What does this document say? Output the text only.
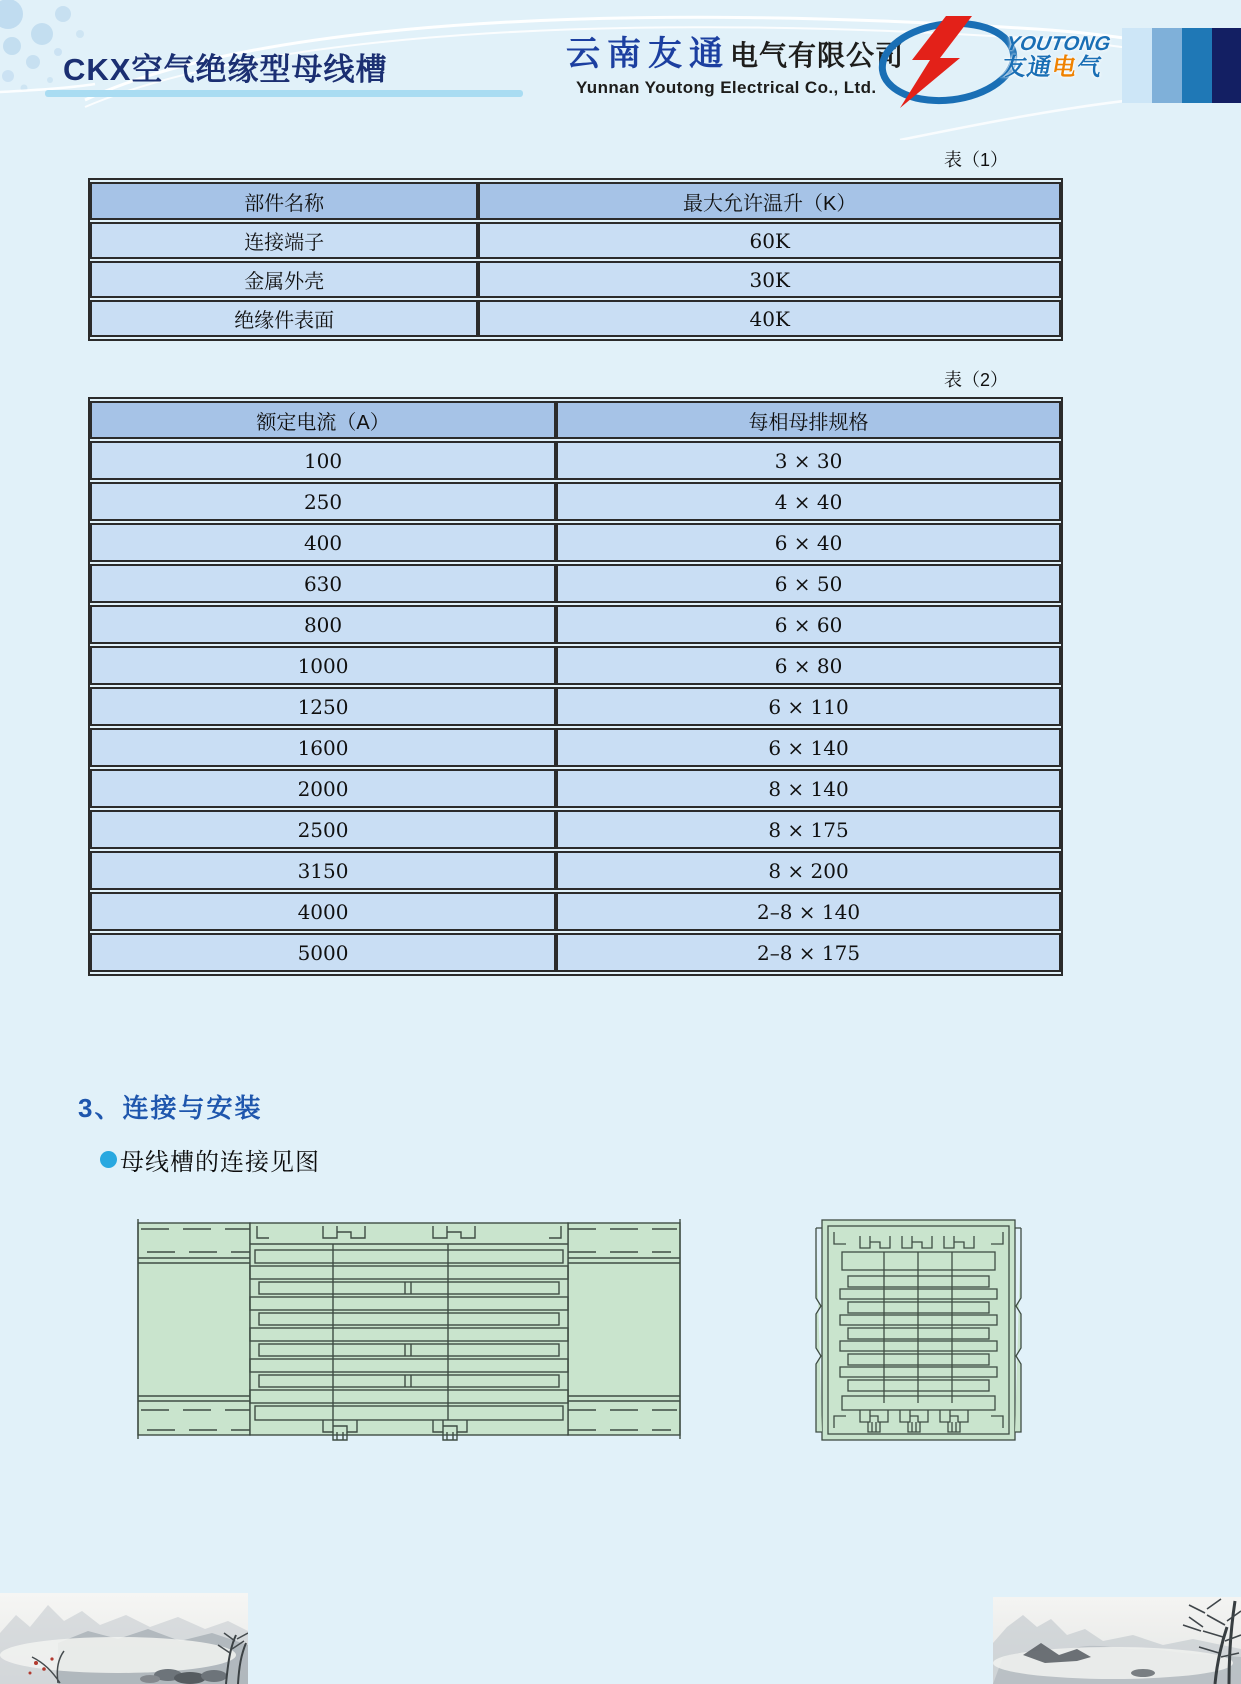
CKX空气绝缘型母线槽	云南友通 电气有限公司
Yunnan Youtong Electrical Co., Ltd.
YOUTONG
友通电气
表（1）
部件名称	最大允许温升（K）
连接端子	60K
金属外壳	30K
绝缘件表面	40K
表（2）
额定电流（A）	每相母排规格
100	3 × 30
250	4 × 40
400	6 × 40
630	6 × 50
800	6 × 60
1000	6 × 80
1250	6 × 110
1600	6 × 140
2000	8 × 140
2500	8 × 175
3150	8 × 200
4000	2–8 × 140
5000	2–8 × 175
3、连接与安装
母线槽的连接见图
